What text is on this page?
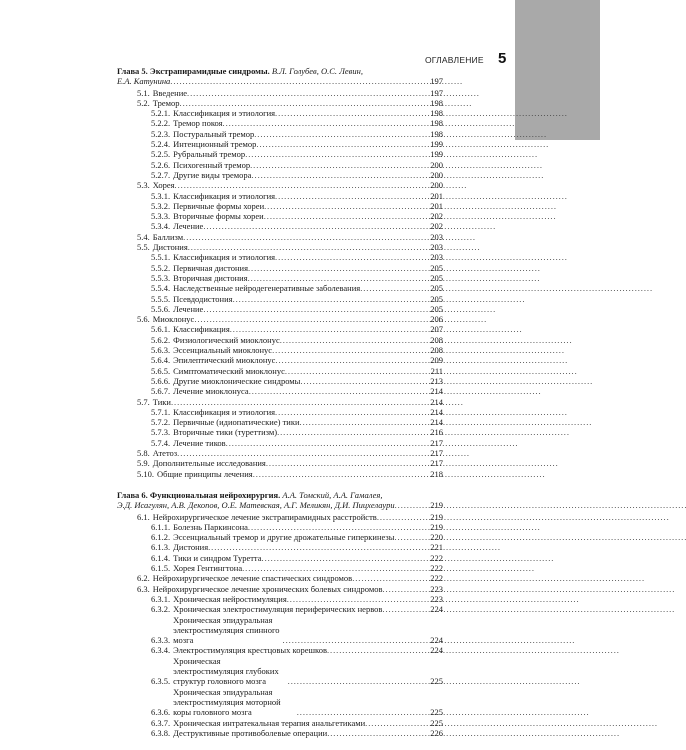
ОГЛАВЛЕНИЕ 5
Глава 5. Экстрапирамидные синдромы. В.Л. Голубев, О.С. Левин,
Е.А. Катунина . . .	197
5.1. Введение . . .	197
5.2. Тремор . . .	198
5.2.1. Классификация и этиология . . .	198
5.2.2. Тремор покоя . . .	198
5.2.3. Постуральный тремор . . .	198
5.2.4. Интенционный тремор . . .	199
5.2.5. Рубральный тремор . . .	199
5.2.6. Психогенный тремор . . .	200
5.2.7. Другие виды тремора . . .	200
5.3. Хорея . . .	200
5.3.1. Классификация и этиология . . .	201
5.3.2. Первичные формы хореи . . .	201
5.3.3. Вторичные формы хореи . . .	202
5.3.4. Лечение . . .	202
5.4. Баллизм . . .	203
5.5. Дистония . . .	203
5.5.1. Классификация и этиология . . .	203
5.5.2. Первичная дистония . . .	205
5.5.3. Вторичная дистония . . .	205
5.5.4. Наследственные нейродегенеративные заболевания . . .	205
5.5.5. Псевдодистония . . .	205
5.5.6. Лечение . . .	205
5.6. Миоклонус . . .	206
5.6.1. Классификация . . .	207
5.6.2. Физиологический миоклонус . . .	208
5.6.3. Эссенциальный миоклонус . . .	208
5.6.4. Эпилептический миоклонус . . .	209
5.6.5. Симптоматический миоклонус . . .	211
5.6.6. Другие миоклонические синдромы . . .	213
5.6.7. Лечение миоклонуса . . .	214
5.7. Тики . . .	214
5.7.1. Классификация и этиология . . .	214
5.7.2. Первичные (идиопатические) тики . . .	214
5.7.3. Вторичные тики (туреттизм) . . .	216
5.7.4. Лечение тиков . . .	217
5.8. Атетоз . . .	217
5.9. Дополнительные исследования . . .	217
5.10. Общие принципы лечения . . .	218
Глава 6. Функциональная нейрохирургия. А.А. Томский, А.А. Гамалея,
Э.Д. Исагулян, А.В. Декопов, О.Е. Матевская, А.Г. Меликян, Д.И. Пицхелаури . . .	219
6.1. Нейрохирургическое лечение экстрапирамидных расстройств . . .	219
6.1.1. Болезнь Паркинсона . . .	219
6.1.2. Эссенциальный тремор и другие дрожательные гиперкинезы . . .	220
6.1.3. Дистония . . .	221
6.1.4. Тики и синдром Туретта . . .	222
6.1.5. Хорея Гентингтона . . .	222
6.2. Нейрохирургическое лечение спастических синдромов . . .	222
6.3. Нейрохирургическое лечение хронических болевых синдромов . . .	223
6.3.1. Хроническая нейростимуляция . . .	223
6.3.2. Хроническая электростимуляция периферических нервов . . .	224
6.3.3.
Хроническая эпидуральная электростимуляция спинного мозга . . .	224
6.3.4. Электростимуляция крестцовых корешков . . .	224
6.3.5.
Хроническая электростимуляция глубоких структур головного мозга . . .	225
6.3.6.
Хроническая эпидуральная электростимуляция моторной коры головного мозга . . .	225
6.3.7. Хроническая интратекальная терапия анальгетиками . . .	225
6.3.8. Деструктивные противоболевые операции . . .	226
